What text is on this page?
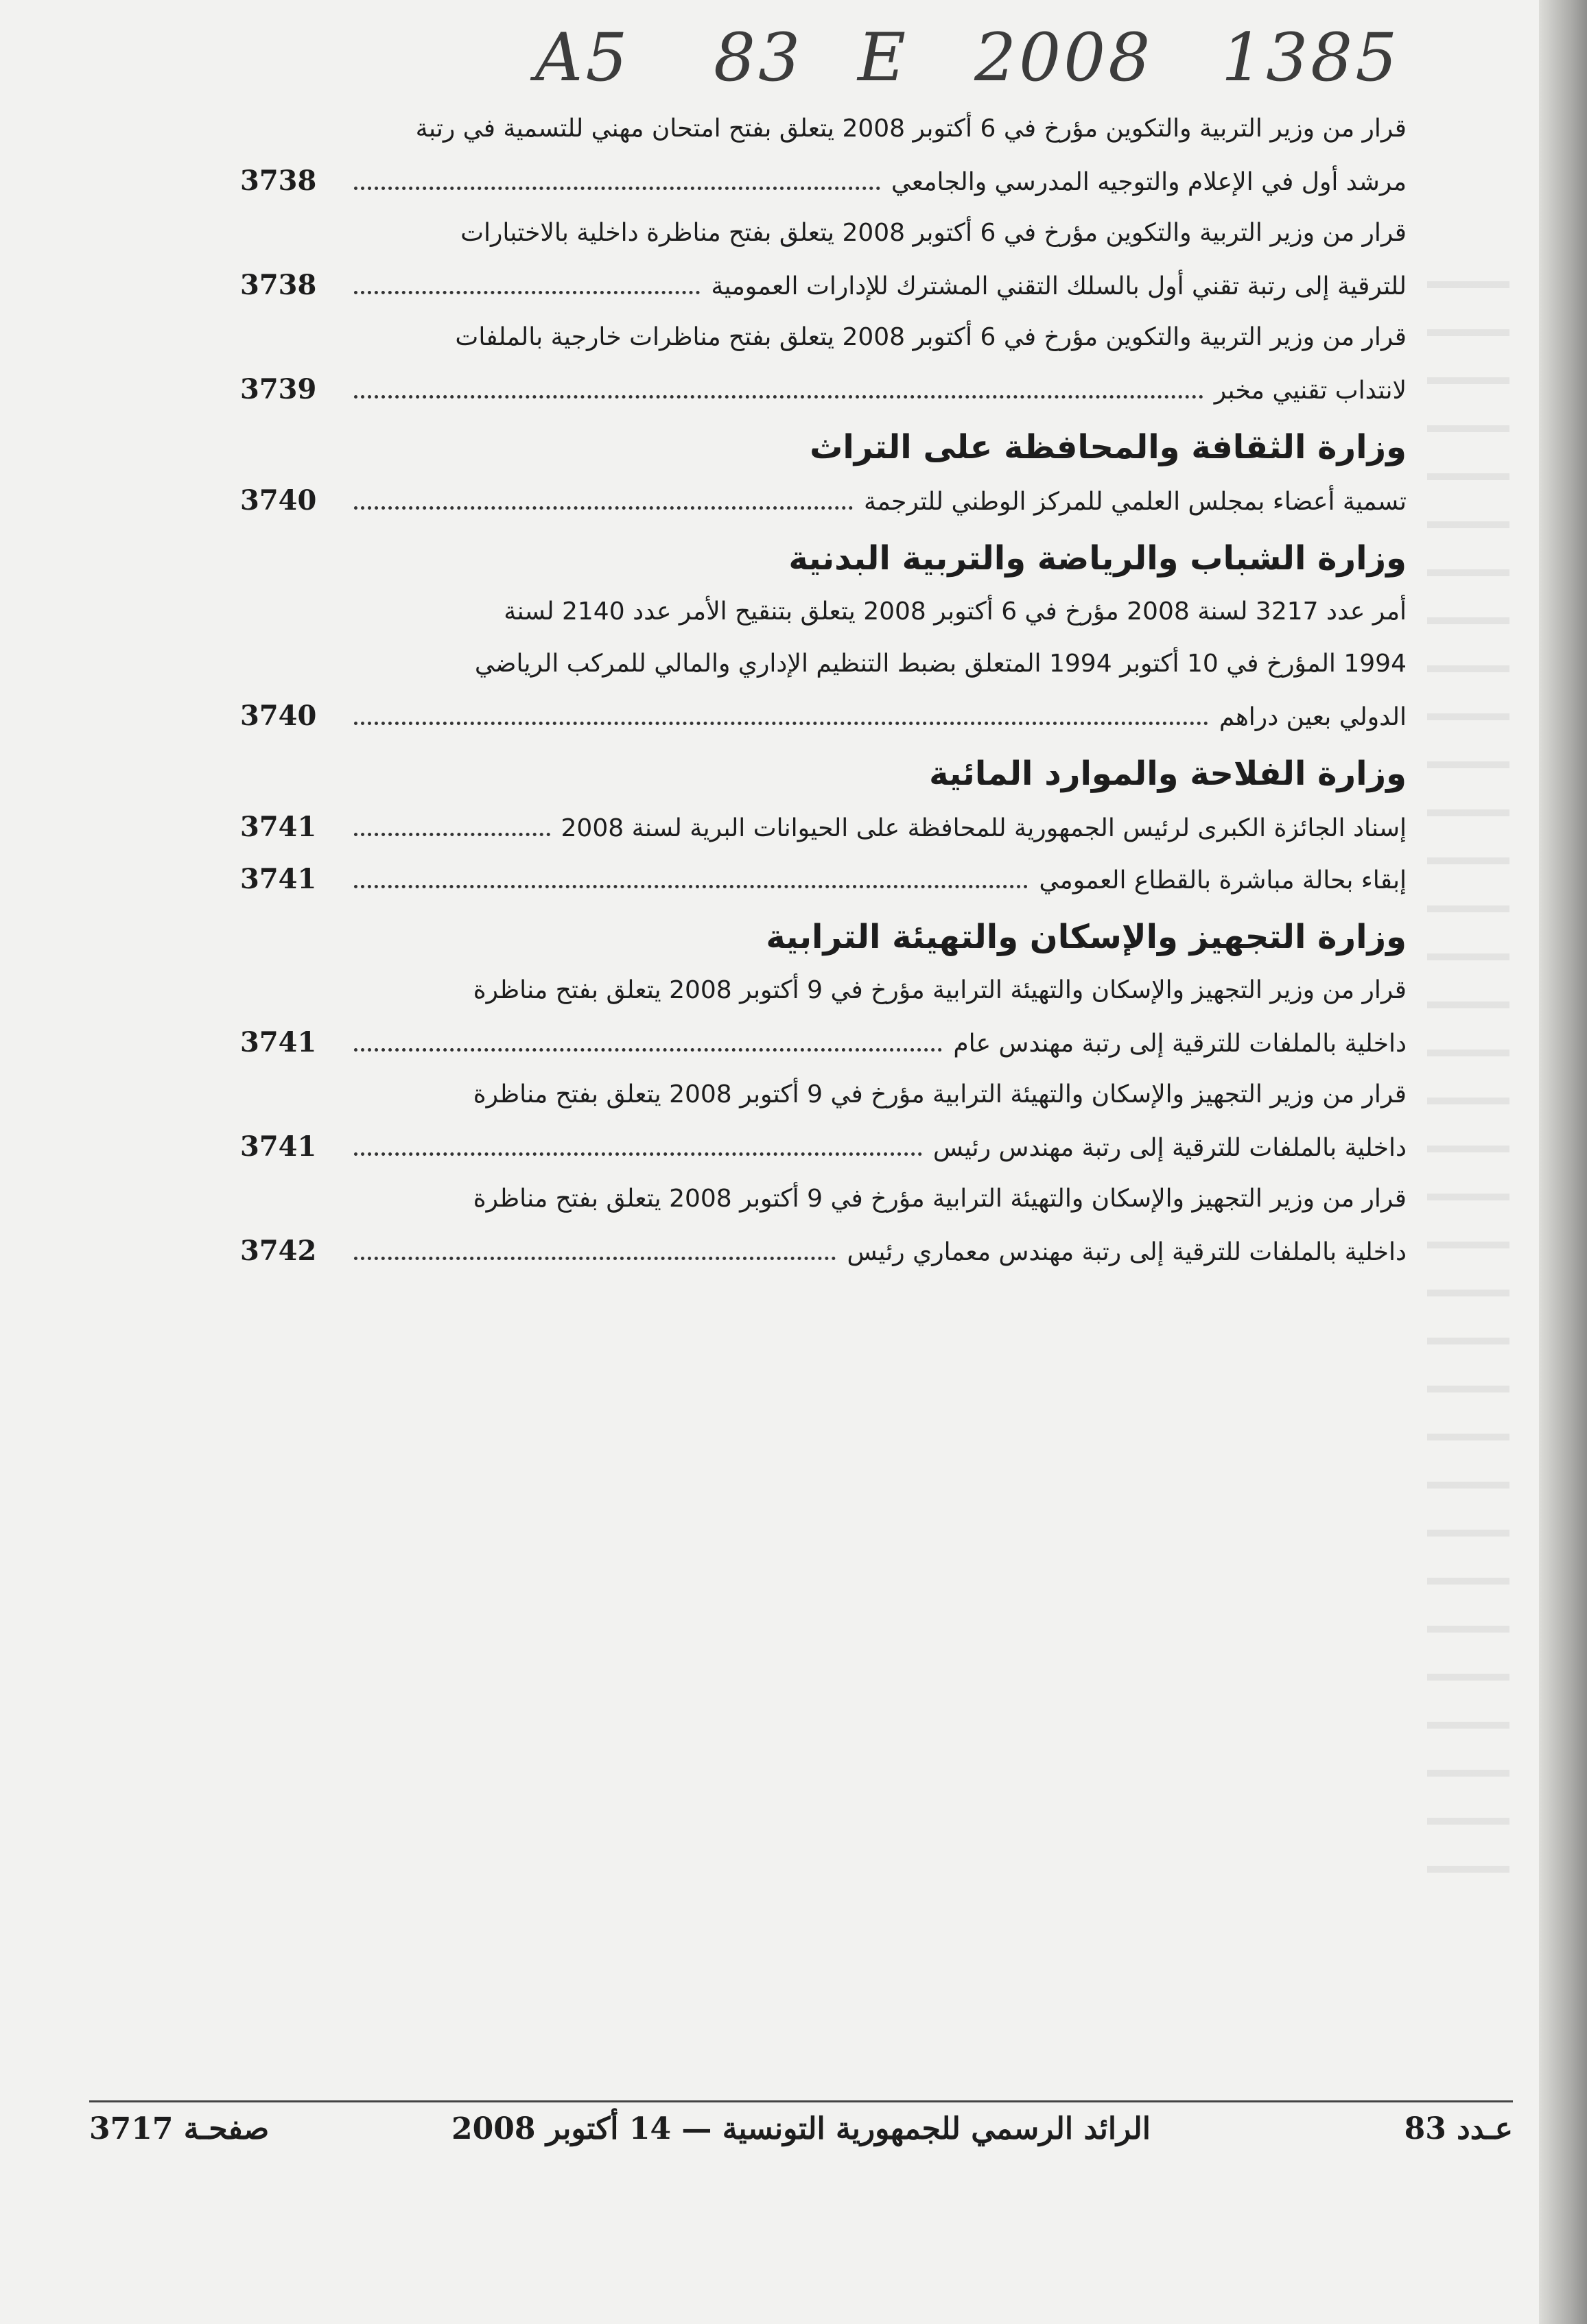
A5 83 E 2008 1385
قرار من وزير التربية والتكوين مؤرخ في 6 أكتوبر 2008 يتعلق بفتح امتحان مهني للتسمية في رتبة
مرشد أول في الإعلام والتوجيه المدرسي والجامعي
3738
قرار من وزير التربية والتكوين مؤرخ في 6 أكتوبر 2008 يتعلق بفتح مناظرة داخلية بالاختبارات
للترقية إلى رتبة تقني أول بالسلك التقني المشترك للإدارات العمومية
3738
قرار من وزير التربية والتكوين مؤرخ في 6 أكتوبر 2008 يتعلق بفتح مناظرات خارجية بالملفات
لانتداب تقنيي مخبر
3739
وزارة الثقافة والمحافظة على التراث
تسمية أعضاء بمجلس العلمي للمركز الوطني للترجمة
3740
وزارة الشباب والرياضة والتربية البدنية
أمر عدد 3217 لسنة 2008 مؤرخ في 6 أكتوبر 2008 يتعلق بتنقيح الأمر عدد 2140 لسنة
1994 المؤرخ في 10 أكتوبر 1994 المتعلق بضبط التنظيم الإداري والمالي للمركب الرياضي
الدولي بعين دراهم
3740
وزارة الفلاحة والموارد المائية
إسناد الجائزة الكبرى لرئيس الجمهورية للمحافظة على الحيوانات البرية لسنة 2008
3741
إبقاء بحالة مباشرة بالقطاع العمومي
3741
وزارة التجهيز والإسكان والتهيئة الترابية
قرار من وزير التجهيز والإسكان والتهيئة الترابية مؤرخ في 9 أكتوبر 2008 يتعلق بفتح مناظرة
داخلية بالملفات للترقية إلى رتبة مهندس عام
3741
قرار من وزير التجهيز والإسكان والتهيئة الترابية مؤرخ في 9 أكتوبر 2008 يتعلق بفتح مناظرة
داخلية بالملفات للترقية إلى رتبة مهندس رئيس
3741
قرار من وزير التجهيز والإسكان والتهيئة الترابية مؤرخ في 9 أكتوبر 2008 يتعلق بفتح مناظرة
داخلية بالملفات للترقية إلى رتبة مهندس معماري رئيس
3742
عـدد 83
الرائد الرسمي للجمهورية التونسية — 14 أكتوبر 2008
صفحـة 3717
